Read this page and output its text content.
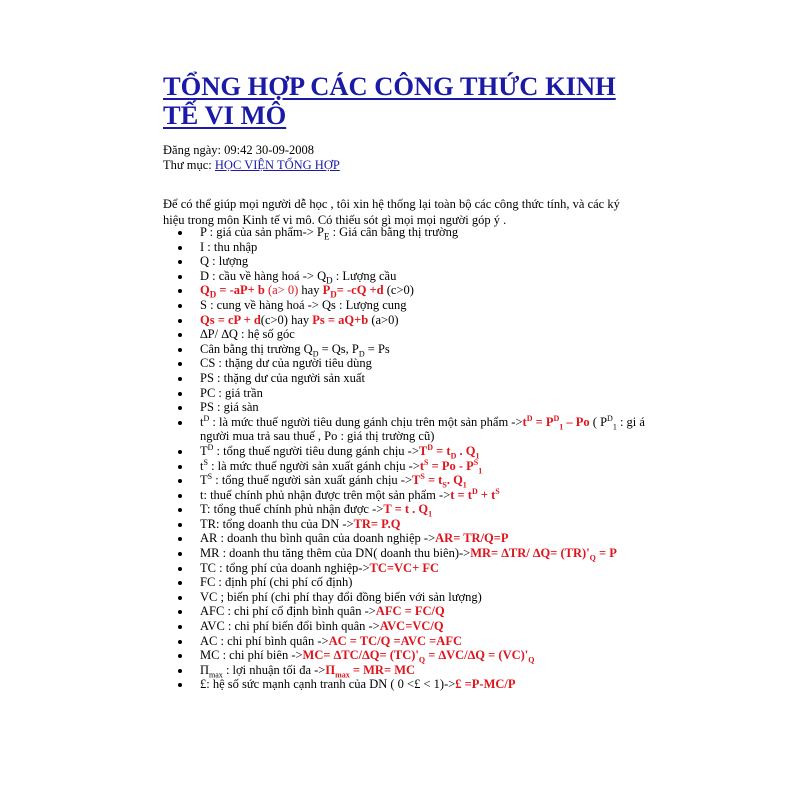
TỔNG HỢP CÁC CÔNG THỨC KINH TẾ VI MÔ
Đăng ngày: 09:42 30-09-2008
Thư mục: HỌC VIỆN TỔNG HỢP

Để có thể giúp mọi người dễ học , tôi xin hệ thống lại toàn bộ các công thức tính, và các ký hiệu trong môn Kinh tế vi mô. Có thiếu sót gì mọi mọi người góp ý .

P : giá của sản phẩm-> $P_E$ : Giá cân bằng thị trường
I : thu nhập
Q : lượng
D : cầu về hàng hoá -> $Q_D$ : Lượng cầu
$Q_D = -aP+ b$ (a> 0) hay $P_D= -cQ +d$ (c>0)
S : cung về hàng hoá -> Qs : Lượng cung
Qs = cP + d(c>0) hay Ps = aQ+b (a>0)
∆P/ ∆Q : hệ số góc
Cân bằng thị trường $Q_D = Qs$, $P_D = Ps$
CS : thặng dư của người tiêu dùng
PS : thặng dư của người sản xuất
PC : giá trần
PS : giá sàn
$t^D$ : là mức thuế người tiêu dung gánh chịu trên một sản phẩm $->t^D = P^D_1 - Po$ ( $P^D_1$ : gi á người mua trả sau thuế , Po : giá thị trường cũ)
$T^D$ : tổng thuế người tiêu dung gánh chịu $->T^D = t_D$ . $Q_1$
$t^S$ : là mức thuế người sản xuất gánh chịu $->t^S = Po - P^S_1$
$T^S$ : tổng thuế người sản xuất gánh chịu $->T^S = t_S$. $Q_1$
t: thuế chính phủ nhận được trên một sản phẩm $->t = t^D + t^S$
T: tổng thuế chính phủ nhận được ->T = t . $Q_1$
TR: tổng doanh thu của DN ->TR= P.Q
AR : doanh thu bình quân của doanh nghiệp ->AR= TR/Q=P
MR : doanh thu tăng thêm của DN( doanh thu biên)->MR= ∆TR/ $\Delta Q= (TR)'_Q = P$
TC : tổng phí của doanh nghiệp->TC=VC+ FC
FC : định phí (chi phí cố định)
VC ; biến phí (chi phí thay đổi đồng biến với sản lượng)
AFC : chi phí cố định bình quân ->AFC = FC/Q
AVC : chi phí biến đổi bình quân ->AVC=VC/Q
AC : chi phí bình quân ->AC = TC/Q =AVC =AFC
MC : chi phí biên $->MC= \Delta TC/\Delta Q= (TC)'_Q = \Delta VC/\Delta Q = (VC)'_Q$
$\Pi_{max}$ : lợi nhuận tối đa $->\Pi_{max} = MR=$ MC
£: hệ số sức mạnh cạnh tranh của DN ( 0 <£ < 1)->£ =P-MC/P
